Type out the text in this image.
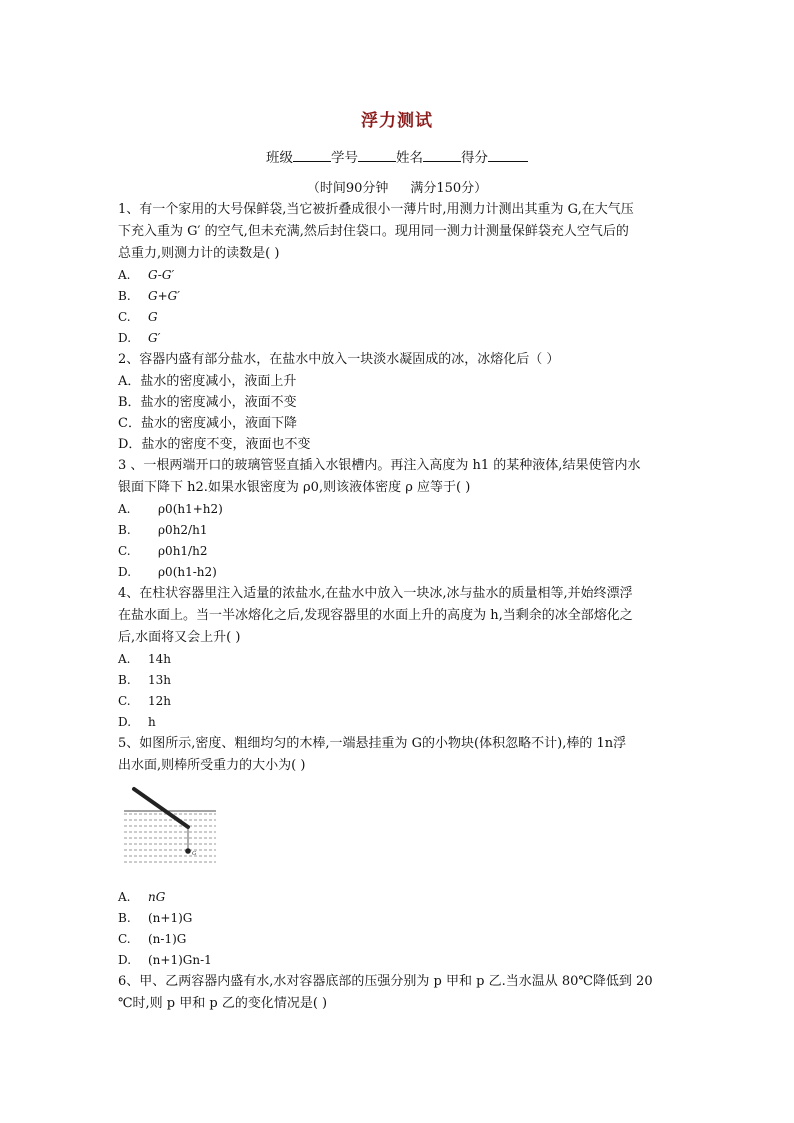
浮力测试
班级	学号	姓名	得分
（时间90分钟 满分150分）

1、有一个家用的大号保鲜袋,当它被折叠成很小一薄片时,用测力计测出其重为 G,在大气压

下充入重为 G′ 的空气,但未充满,然后封住袋口。现用同一测力计测量保鲜袋充人空气后的

总重力,则测力计的读数是( )

A. G-G′

B. G+G′

C. G

D. G′

2、容器内盛有部分盐水，在盐水中放入一块淡水凝固成的冰，冰熔化后（ ）

A．盐水的密度减小，液面上升

B．盐水的密度减小，液面不变

C．盐水的密度减小，液面下降

D．盐水的密度不变，液面也不变

3 、一根两端开口的玻璃管竖直插入水银槽内。再注入高度为 h1 的某种液体,结果使管内水

银面下降下 h2.如果水银密度为 ρ0,则该液体密度 ρ 应等于( )

A. ρ0(h1+h2)

B. ρ0h2/h1

C. ρ0h1/h2

D. ρ0(h1-h2)

4、在柱状容器里注入适量的浓盐水,在盐水中放入一块冰,冰与盐水的质量相等,并始终漂浮

在盐水面上。当一半冰熔化之后,发现容器里的水面上升的高度为 h,当剩余的冰全部熔化之

后,水面将又会上升( )

A. 14h

B. 13h

C. 12h

D. h

5、如图所示,密度、粗细均匀的木棒,一端悬挂重为 G的小物块(体积忽略不计),棒的 1n浮

出水面,则棒所受重力的大小为( )

G

A. nG

B. (n+1)G

C. (n-1)G

D. (n+1)Gn-1

6、甲、乙两容器内盛有水,水对容器底部的压强分别为 p 甲和 p 乙.当水温从 80℃降低到 20

℃时,则 p 甲和 p 乙的变化情况是( )
